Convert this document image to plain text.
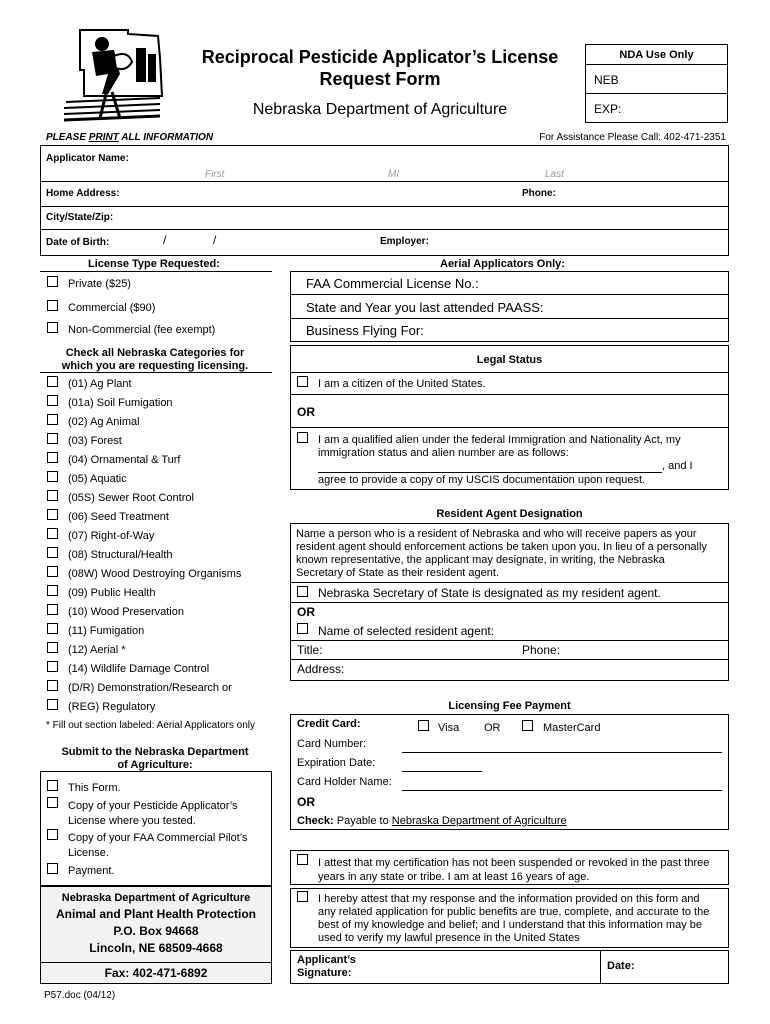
Reciprocal Pesticide Applicator’s License
Request Form
Nebraska Department of Agriculture
NDA Use Only
NEB
EXP:
PLEASE PRINT ALL INFORMATION	For Assistance Please Call: 402-471-2351
Applicator Name:
First	MI	Last
Home Address:	Phone:
City/State/Zip:
Date of Birth:	/	/	Employer:
License Type Requested:
Private ($25)
Commercial ($90)
Non-Commercial (fee exempt)
Aerial Applicators Only:
FAA Commercial License No.:
State and Year you last attended PAASS:
Business Flying For:
Check all Nebraska Categories for
which you are requesting licensing.
(01) Ag Plant
(01a) Soil Fumigation
(02) Ag Animal
(03) Forest
(04) Ornamental & Turf
(05) Aquatic
(05S) Sewer Root Control
(06) Seed Treatment
(07) Right-of-Way
(08) Structural/Health
(08W) Wood Destroying Organisms
(09) Public Health
(10) Wood Preservation
(11) Fumigation
(12) Aerial *
(14) Wildlife Damage Control
(D/R) Demonstration/Research or
(REG) Regulatory
* Fill out section labeled: Aerial Applicators only
Legal Status
I am a citizen of the United States.
OR
I am a qualified alien under the federal Immigration and Nationality Act, my
immigration status and alien number are as follows:
, and I
agree to provide a copy of my USCIS documentation upon request.
Resident Agent Designation
Name a person who is a resident of Nebraska and who will receive papers as your
resident agent should enforcement actions be taken upon you. In lieu of a personally
known representative, the applicant may designate, in writing, the Nebraska
Secretary of State as their resident agent.
Nebraska Secretary of State is designated as my resident agent.
OR
Name of selected resident agent:
Title:	Phone:
Address:
Submit to the Nebraska Department
of Agriculture:
This Form.
Copy of your Pesticide Applicator’s
License where you tested.
Copy of your FAA Commercial Pilot’s
License.
Payment.
Nebraska Department of Agriculture
Animal and Plant Health Protection
P.O. Box 94668
Lincoln, NE 68509-4668
Fax: 402-471-6892
P57.doc (04/12)
Licensing Fee Payment
Credit Card:	Visa OR	MasterCard
Card Number:
Expiration Date:
Card Holder Name:
OR
Check: Payable to Nebraska Department of Agriculture
I attest that my certification has not been suspended or revoked in the past three
years in any state or tribe. I am at least 16 years of age.
I hereby attest that my response and the information provided on this form and
any related application for public benefits are true, complete, and accurate to the
best of my knowledge and belief; and I understand that this information may be
used to verify my lawful presence in the United States
Applicant’s
Signature:
Date:
